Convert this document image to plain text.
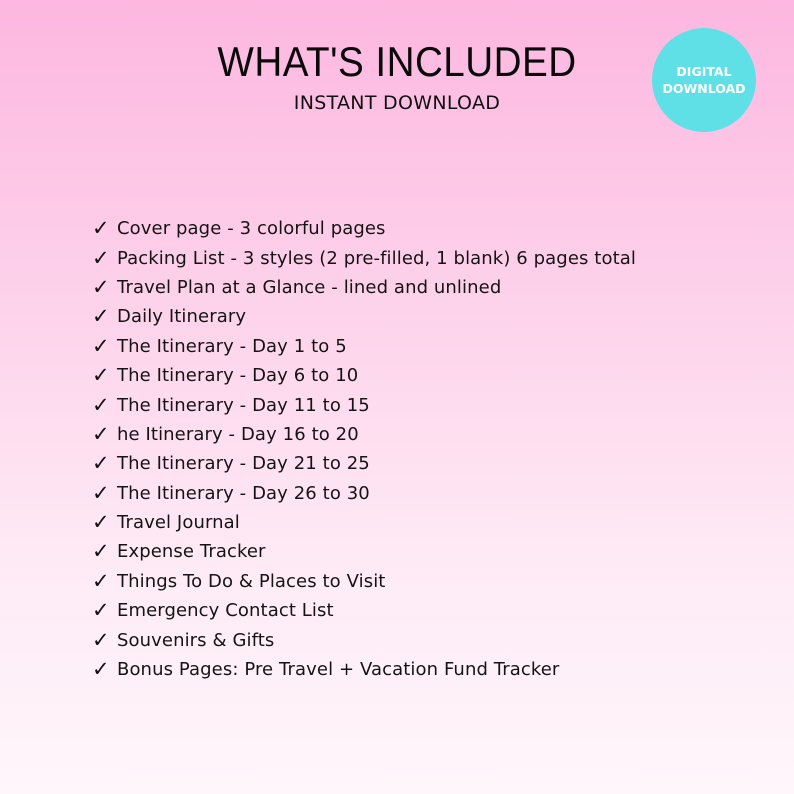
WHAT'S INCLUDED
INSTANT DOWNLOAD
DIGITAL
DOWNLOAD
✓ Cover page - 3 colorful pages
✓ Packing List - 3 styles (2 pre-filled, 1 blank) 6 pages total
✓ Travel Plan at a Glance - lined and unlined
✓ Daily Itinerary
✓ The Itinerary - Day 1 to 5
✓ The Itinerary - Day 6 to 10
✓ The Itinerary - Day 11 to 15
✓ he Itinerary - Day 16 to 20
✓ The Itinerary - Day 21 to 25
✓ The Itinerary - Day 26 to 30
✓ Travel Journal
✓ Expense Tracker
✓ Things To Do & Places to Visit
✓ Emergency Contact List
✓ Souvenirs & Gifts
✓ Bonus Pages: Pre Travel + Vacation Fund Tracker
